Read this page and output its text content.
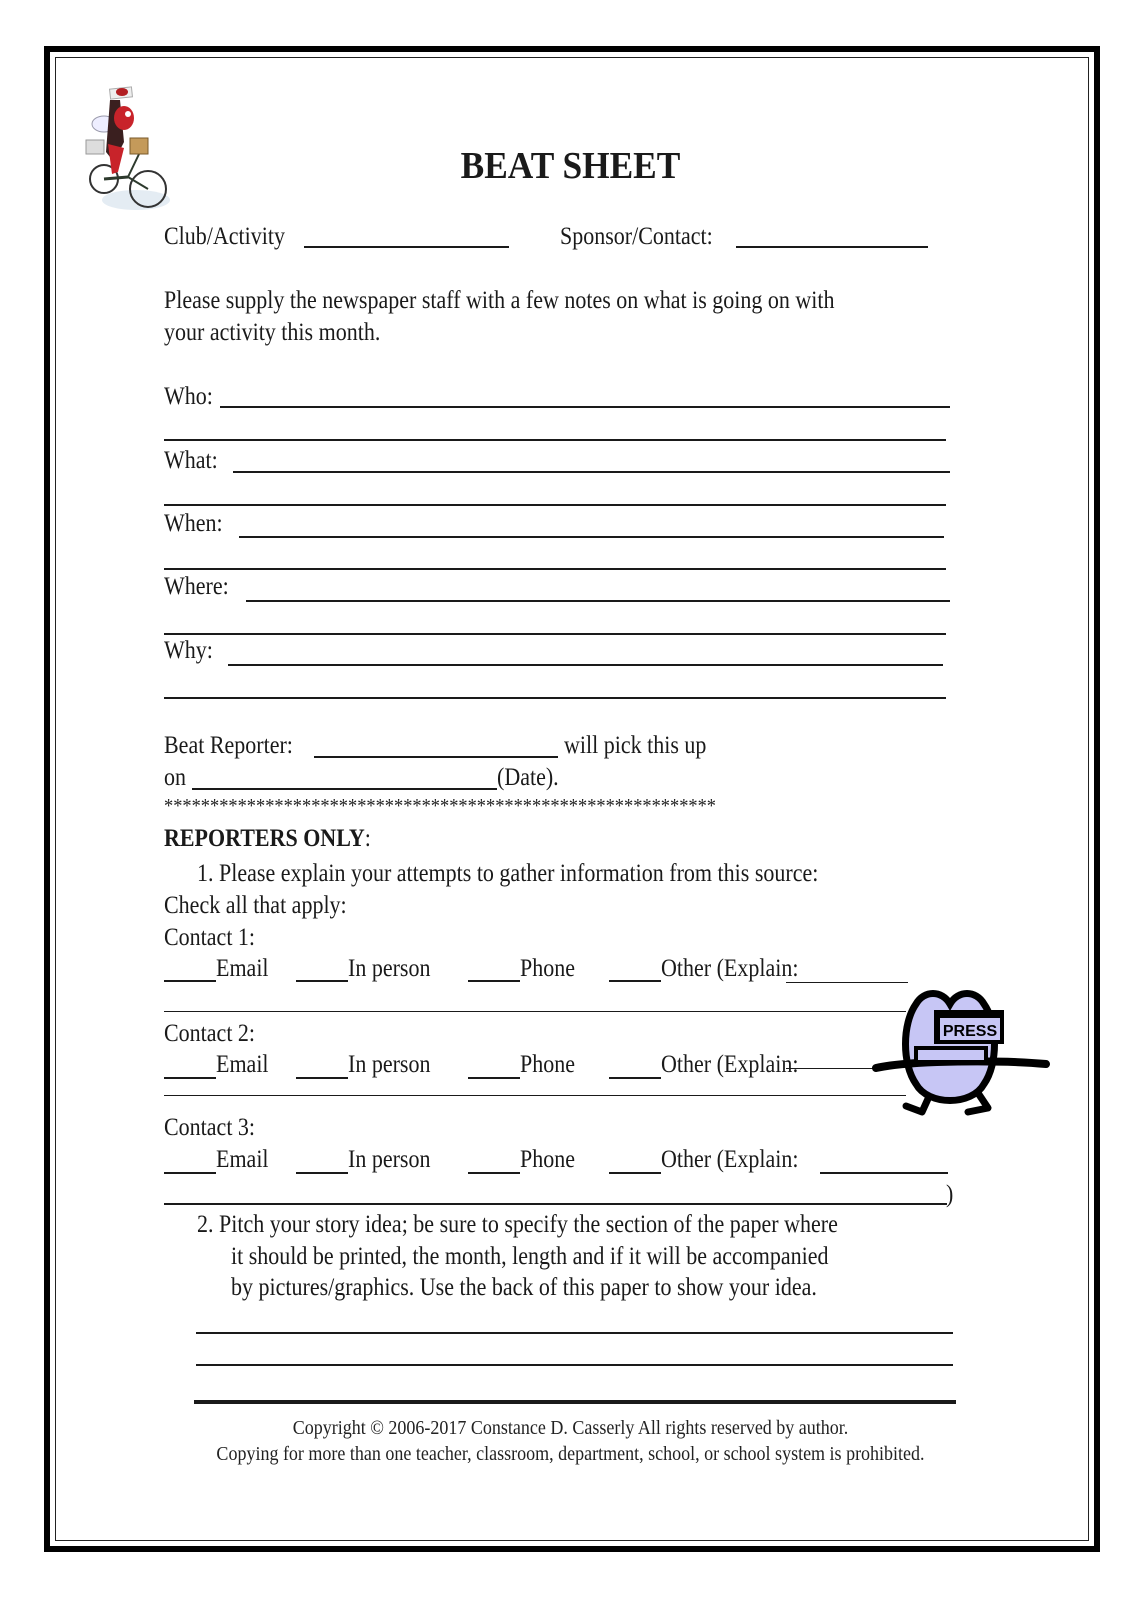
BEAT SHEET
Club/Activity	Sponsor/Contact:
Please supply the newspaper staff with a few notes on what is going on with
your activity this month.
Who:
What:
When:
Where:
Why:
Beat Reporter:	will pick this up
on	(Date).
************************************************************
REPORTERS ONLY:
1. Please explain your attempts to gather information from this source:
Check all that apply:
Contact 1:
Email	In person	Phone	Other (Explain:
Contact 2:
Email	In person	Phone	Other (Explain:
Contact 3:
Email	In person	Phone	Other (Explain:
)
PRESS
2. Pitch your story idea; be sure to specify the section of the paper where
it should be printed, the month, length and if it will be accompanied
by pictures/graphics. Use the back of this paper to show your idea.
Copyright © 2006-2017 Constance D. Casserly All rights reserved by author.
Copying for more than one teacher, classroom, department, school, or school system is prohibited.
